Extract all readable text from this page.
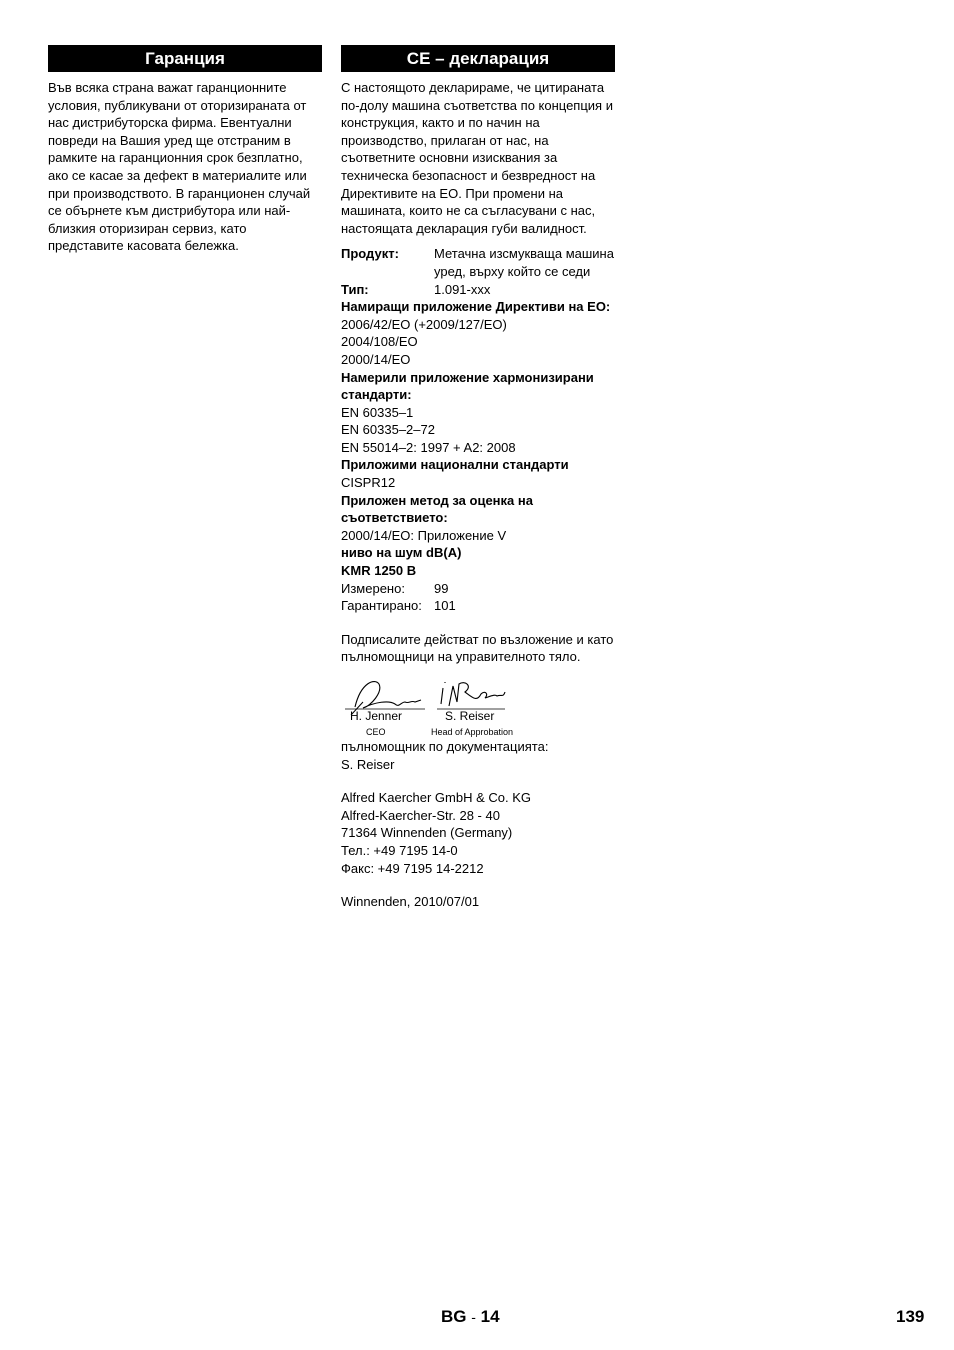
Гаранция

Във всяка страна важат гаранционните условия, публикувани от оторизираната от нас дистрибуторска фирма. Евентуални повреди на Вашия уред ще отстраним в рамките на гаранционния срок безплатно, ако се касае за дефект в материалите или при производството. В гаранционен случай се обърнете към дистрибутора или най-близкия оторизиран сервиз, като представите касовата бележка.

CE – декларация

С настоящото декларираме, че цитираната по-долу машина съответства по концепция и конструкция, както и по начин на производство, прилаган от нас, на съответните основни изисквания за техническа безопасност и безвредност на Директивите на ЕО. При промени на машината, които не са съгласувани с нас, настоящата декларация губи валидност.

Продукт:	Метачна изсмукваща машина уред, върху който се седи
Тип:	1.091-xxx

Намиращи приложение Директиви на ЕО:

2006/42/EO (+2009/127/EO)

2004/108/EO

2000/14/EO

Намерили приложение хармонизирани стандарти:

EN 60335–1

EN 60335–2–72

EN 55014–2: 1997 + A2: 2008

Приложими национални стандарти

CISPR12

Приложен метод за оценка на съответствието:

2000/14/EO: Приложение V

ниво на шум dB(A)

KMR 1250 B

Измерено:	99
Гарантирано: 101

Подписалите действат по възложение и като пълномощници на управителното тяло.

H. Jenner
CEO
S. Reiser
Head of Approbation

пълномощник по документацията:

S. Reiser

Alfred Kaercher GmbH & Co. KG

Alfred-Kaercher-Str. 28 - 40

71364 Winnenden (Germany)

Тел.: +49 7195 14-0

Факс: +49 7195 14-2212

Winnenden, 2010/07/01

BG - 14	139
